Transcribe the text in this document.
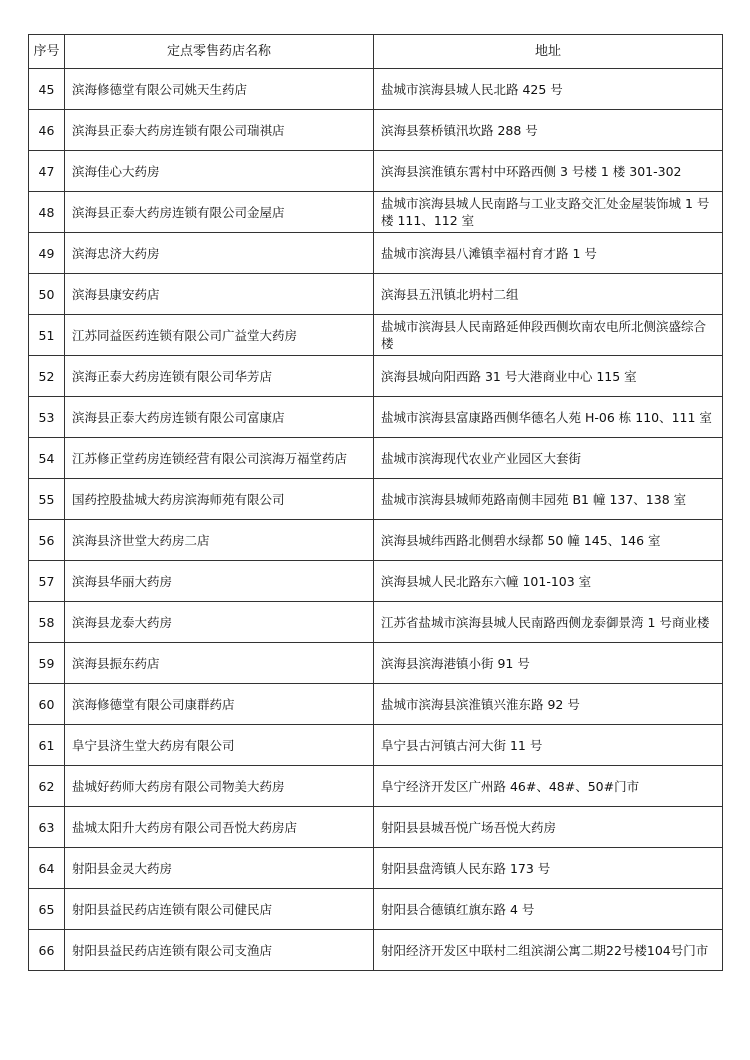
序号	定点零售药店名称	地址
45	滨海修德堂有限公司姚天生药店	盐城市滨海县城人民北路 425 号
46	滨海县正泰大药房连锁有限公司瑞祺店	滨海县蔡桥镇汛坎路 288 号
47	滨海佳心大药房	滨海县滨淮镇东霄村中环路西侧 3 号楼 1 楼 301-302
48	滨海县正泰大药房连锁有限公司金屋店	盐城市滨海县城人民南路与工业支路交汇处金屋装饰城 1 号楼 111、112 室
49	滨海忠济大药房	盐城市滨海县八滩镇幸福村育才路 1 号
50	滨海县康安药店	滨海县五汛镇北坍村二组
51	江苏同益医药连锁有限公司广益堂大药房	盐城市滨海县人民南路延伸段西侧坎南农电所北侧滨盛综合楼
52	滨海正泰大药房连锁有限公司华芳店	滨海县城向阳西路 31 号大港商业中心 115 室
53	滨海县正泰大药房连锁有限公司富康店	盐城市滨海县富康路西侧华德名人苑 H-06 栋 110、111 室
54	江苏修正堂药房连锁经营有限公司滨海万福堂药店	盐城市滨海现代农业产业园区大套街
55	国药控股盐城大药房滨海师苑有限公司	盐城市滨海县城师苑路南侧丰园苑 B1 幢 137、138 室
56	滨海县济世堂大药房二店	滨海县城纬西路北侧碧水绿都 50 幢 145、146 室
57	滨海县华丽大药房	滨海县城人民北路东六幢 101-103 室
58	滨海县龙泰大药房	江苏省盐城市滨海县城人民南路西侧龙泰御景湾 1 号商业楼
59	滨海县振东药店	滨海县滨海港镇小街 91 号
60	滨海修德堂有限公司康群药店	盐城市滨海县滨淮镇兴淮东路 92 号
61	阜宁县济生堂大药房有限公司	阜宁县古河镇古河大街 11 号
62	盐城好药师大药房有限公司物美大药房	阜宁经济开发区广州路 46#、48#、50#门市
63	盐城太阳升大药房有限公司吾悦大药房店	射阳县县城吾悦广场吾悦大药房
64	射阳县金灵大药房	射阳县盘湾镇人民东路 173 号
65	射阳县益民药店连锁有限公司健民店	射阳县合德镇红旗东路 4 号
66	射阳县益民药店连锁有限公司支渔店	射阳经济开发区中联村二组滨湖公寓二期22号楼104号门市
